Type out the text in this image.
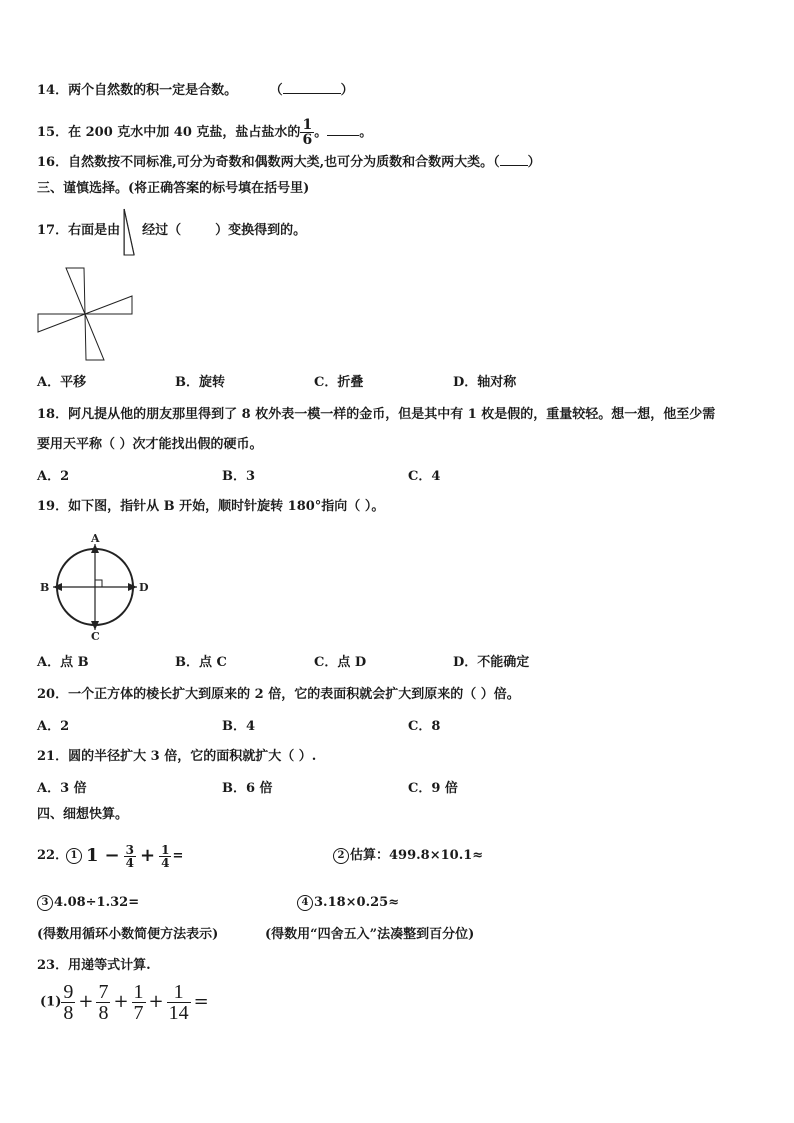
14．两个自然数的积一定是合数。	（	）
15．在 200 克水中加 40 克盐，盐占盐水的 $\frac{1}{6}$ 。 。
16．自然数按不同标准,可分为奇数和偶数两大类,也可分为质数和合数两大类。（ ）
三、谨慎选择。(将正确答案的标号填在括号里)
17．右面是由 经过（	）变换得到的。
A．平移	B．旋转	C．折叠	D．轴对称
18．阿凡提从他的朋友那里得到了 8 枚外表一模一样的金币，但是其中有 1 枚是假的，重量较轻。想一想，他至少需
要用天平称（ ）次才能找出假的硬币。
A．2	B．3	C．4
19．如下图，指针从 B 开始，顺时针旋转 180°指向（ ）。
A
C
B	D
A．点 B	B．点 C	C．点 D	D．不能确定
20．一个正方体的棱长扩大到原来的 2 倍，它的表面积就会扩大到原来的（ ）倍。
A．2	B．4	C．8
21．圆的半径扩大 3 倍，它的面积就扩大（ ）.
A．3 倍	B．6 倍	C．9 倍
四、细想快算。
22． 1 $1 - \frac{3}{4} + \frac{1}{4}$ =	2 估算：499.8×10.1≈
3 4.08÷1.32=	4 3.18×0.25≈
(得数用循环小数简便方法表示)	(得数用“四舍五入”法凑整到百分位)
23．用递等式计算.
$(1) \frac{9}{8} + \frac{7}{8} + \frac{1}{7} + \frac{1}{14}$ =
